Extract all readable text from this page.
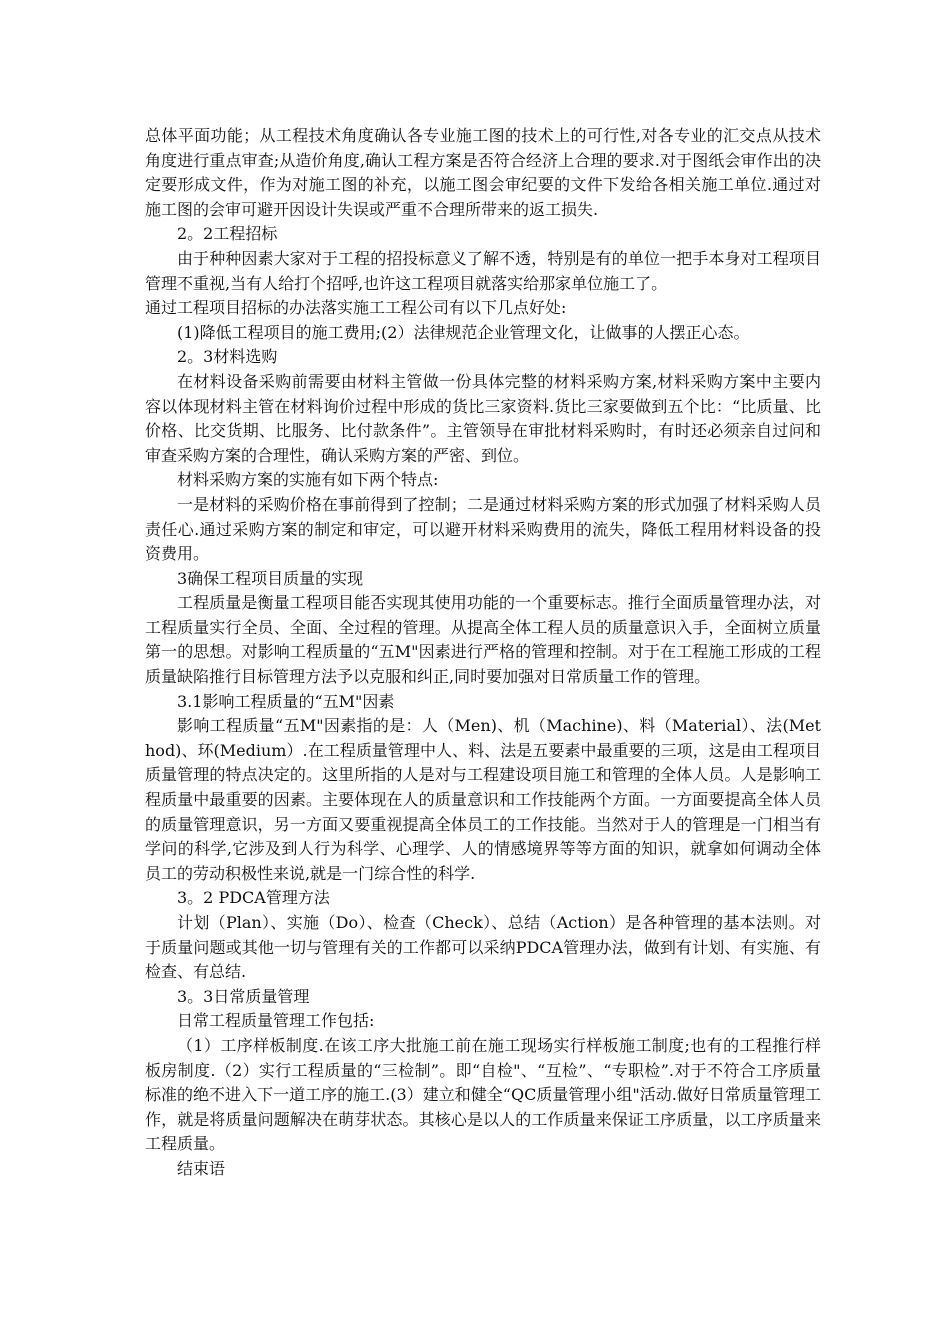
总体平面功能；从工程技术角度确认各专业施工图的技术上的可行性,对各专业的汇交点从技术角度进行重点审查;从造价角度,确认工程方案是否符合经济上合理的要求.对于图纸会审作出的决定要形成文件，作为对施工图的补充，以施工图会审纪要的文件下发给各相关施工单位.通过对施工图的会审可避开因设计失误或严重不合理所带来的返工损失.

2。2工程招标

由于种种因素大家对于工程的招投标意义了解不透，特别是有的单位一把手本身对工程项目管理不重视,当有人给打个招呼,也许这工程项目就落实给那家单位施工了。

通过工程项目招标的办法落实施工工程公司有以下几点好处:

(1)降低工程项目的施工费用;(2）法律规范企业管理文化，让做事的人摆正心态。

2。3材料选购

在材料设备采购前需要由材料主管做一份具体完整的材料采购方案,材料采购方案中主要内容以体现材料主管在材料询价过程中形成的货比三家资料.货比三家要做到五个比：“比质量、比价格、比交货期、比服务、比付款条件”。主管领导在审批材料采购时，有时还必须亲自过问和审查采购方案的合理性，确认采购方案的严密、到位。

材料采购方案的实施有如下两个特点:

一是材料的采购价格在事前得到了控制；二是通过材料采购方案的形式加强了材料采购人员责任心.通过采购方案的制定和审定，可以避开材料采购费用的流失，降低工程用材料设备的投资费用。

3确保工程项目质量的实现

工程质量是衡量工程项目能否实现其使用功能的一个重要标志。推行全面质量管理办法，对工程质量实行全员、全面、全过程的管理。从提高全体工程人员的质量意识入手，全面树立质量第一的思想。对影响工程质量的“五M"因素进行严格的管理和控制。对于在工程施工形成的工程质量缺陷推行目标管理方法予以克服和纠正,同时要加强对日常质量工作的管理。

3.1影响工程质量的“五M"因素

影响工程质量“五M"因素指的是：人（Men)、机（Machine)、料（Material）、法(Method)、环(Medium）.在工程质量管理中人、料、法是五要素中最重要的三项，这是由工程项目质量管理的特点决定的。这里所指的人是对与工程建设项目施工和管理的全体人员。人是影响工程质量中最重要的因素。主要体现在人的质量意识和工作技能两个方面。一方面要提高全体人员的质量管理意识，另一方面又要重视提高全体员工的工作技能。当然对于人的管理是一门相当有学问的科学,它涉及到人行为科学、心理学、人的情感境界等等方面的知识，就拿如何调动全体员工的劳动积极性来说,就是一门综合性的科学.

3。2 PDCA管理方法

计划（Plan）、实施（Do）、检查（Check）、总结（Action）是各种管理的基本法则。对于质量问题或其他一切与管理有关的工作都可以采纳PDCA管理办法，做到有计划、有实施、有检查、有总结.

3。3日常质量管理

日常工程质量管理工作包括:

（1）工序样板制度.在该工序大批施工前在施工现场实行样板施工制度;也有的工程推行样板房制度.（2）实行工程质量的“三检制”。即“自检"、“互检”、“专职检”.对于不符合工序质量标准的绝不进入下一道工序的施工.(3）建立和健全“QC质量管理小组"活动.做好日常质量管理工作，就是将质量问题解决在萌芽状态。其核心是以人的工作质量来保证工序质量，以工序质量来工程质量。

结束语
